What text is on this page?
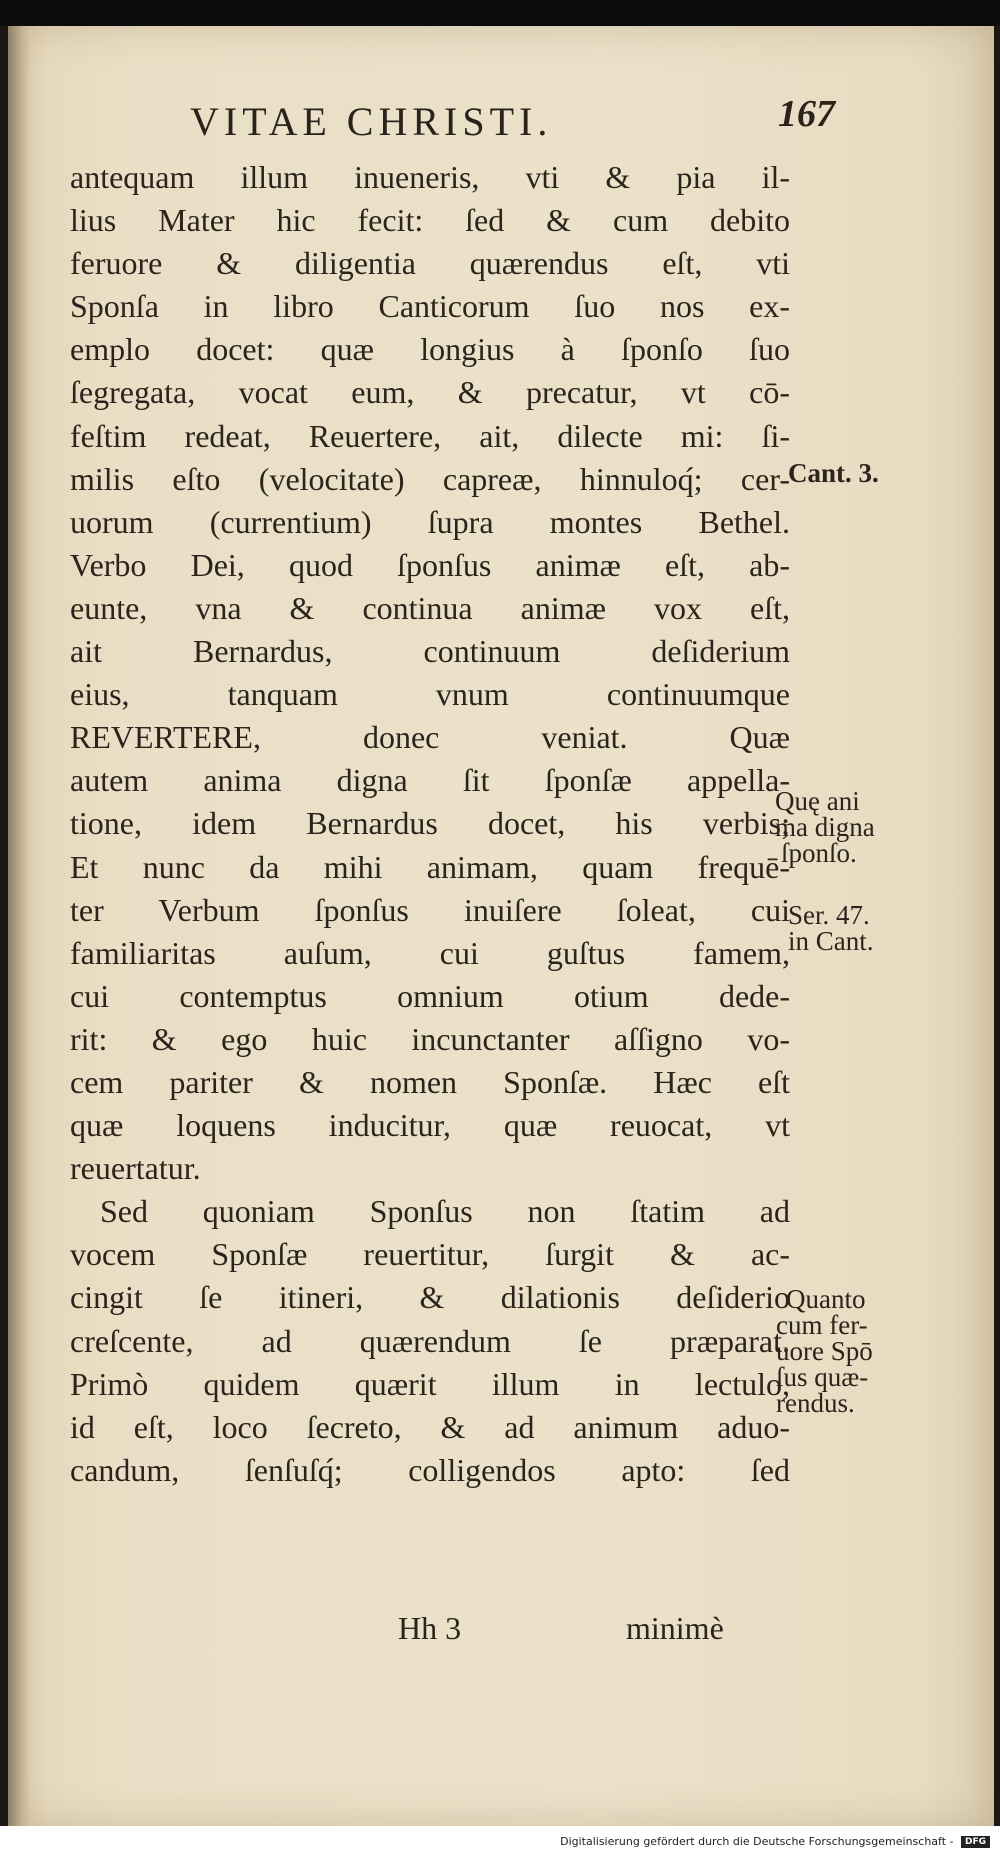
VITAE CHRISTI.	167
antequam illum inueneris, vti & pia il-
lius Mater hic fecit: ſed & cum debito
feruore & diligentia quærendus eſt, vti
Sponſa in libro Canticorum ſuo nos ex-
emplo docet: quæ longius à ſponſo ſuo
ſegregata, vocat eum, & precatur, vt cō-
feſtim redeat, Reuertere, ait, dilecte mi: ſi-
milis eſto (velocitate) capreæ, hinnuloq́; cer-
uorum (currentium) ſupra montes Bethel.
Verbo Dei, quod ſponſus animæ eſt, ab-
eunte, vna & continua animæ vox eſt,
ait Bernardus, continuum deſiderium
eius, tanquam vnum continuumque
REVERTERE, donec veniat. Quæ
autem anima digna ſit ſponſæ appella-
tione, idem Bernardus docet, his verbis;
Et nunc da mihi animam, quam frequē-
ter Verbum ſponſus inuiſere ſoleat, cui
familiaritas auſum, cui guſtus famem,
cui contemptus omnium otium dede-
rit: & ego huic incunctanter aſſigno vo-
cem pariter & nomen Sponſæ. Hæc eſt
quæ loquens inducitur, quæ reuocat, vt
reuertatur.
Sed quoniam Sponſus non ſtatim ad
vocem Sponſæ reuertitur, ſurgit & ac-
cingit ſe itineri, & dilationis deſiderio
creſcente, ad quærendum ſe præparat.
Primò quidem quærit illum in lectulo,
id eſt, loco ſecreto, & ad animum aduo-
candum, ſenſuſq́; colligendos apto: ſed
Cant. 3.
Quę ani
ma digna
ſponſo.
Ser. 47.
in Cant.
Quanto
cum fer-
uore Spō
ſus quæ-
rendus.
Hh 3	minimè
Digitalisierung gefördert durch die Deutsche Forschungsgemeinschaft - DFG
